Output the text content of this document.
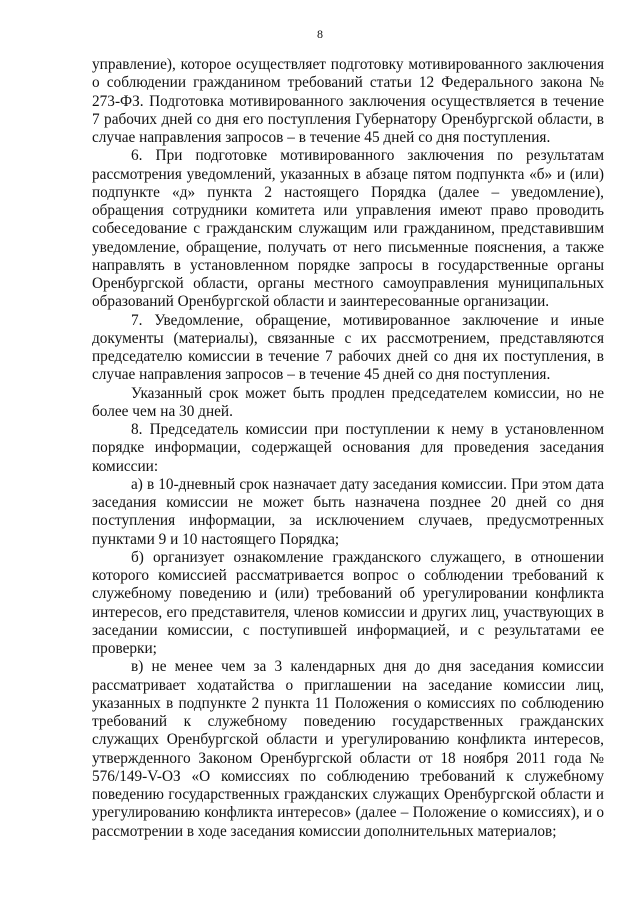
8

управление), которое осуществляет подготовку мотивированного заключения о соблюдении гражданином требований статьи 12 Федерального закона № 273-ФЗ. Подготовка мотивированного заключения осуществляется в течение 7 рабочих дней со дня его поступления Губернатору Оренбургской области, в случае направления запросов – в течение 45 дней со дня поступления.

6. При подготовке мотивированного заключения по результатам рассмотрения уведомлений, указанных в абзаце пятом подпункта «б» и (или) подпункте «д» пункта 2 настоящего Порядка (далее – уведомление), обращения сотрудники комитета или управления имеют право проводить собеседование с гражданским служащим или гражданином, представившим уведомление, обращение, получать от него письменные пояснения, а также направлять в установленном порядке запросы в государственные органы Оренбургской области, органы местного самоуправления муниципальных образований Оренбургской области и заинтересованные организации.

7. Уведомление, обращение, мотивированное заключение и иные документы (материалы), связанные с их рассмотрением, представляются председателю комиссии в течение 7 рабочих дней со дня их поступления, в случае направления запросов – в течение 45 дней со дня поступления.

Указанный срок может быть продлен председателем комиссии, но не более чем на 30 дней.

8. Председатель комиссии при поступлении к нему в установленном порядке информации, содержащей основания для проведения заседания комиссии:

а) в 10-дневный срок назначает дату заседания комиссии. При этом дата заседания комиссии не может быть назначена позднее 20 дней со дня поступления информации, за исключением случаев, предусмотренных пунктами 9 и 10 настоящего Порядка;

б) организует ознакомление гражданского служащего, в отношении которого комиссией рассматривается вопрос о соблюдении требований к служебному поведению и (или) требований об урегулировании конфликта интересов, его представителя, членов комиссии и других лиц, участвующих в заседании комиссии, с поступившей информацией, и с результатами ее проверки;

в) не менее чем за 3 календарных дня до дня заседания комиссии рассматривает ходатайства о приглашении на заседание комиссии лиц, указанных в подпункте 2 пункта 11 Положения о комиссиях по соблюдению требований к служебному поведению государственных гражданских служащих Оренбургской области и урегулированию конфликта интересов, утвержденного Законом Оренбургской области от 18 ноября 2011 года № 576/149-V-ОЗ «О комиссиях по соблюдению требований к служебному поведению государственных гражданских служащих Оренбургской области и урегулированию конфликта интересов» (далее – Положение о комиссиях), и о рассмотрении в ходе заседания комиссии дополнительных материалов;
